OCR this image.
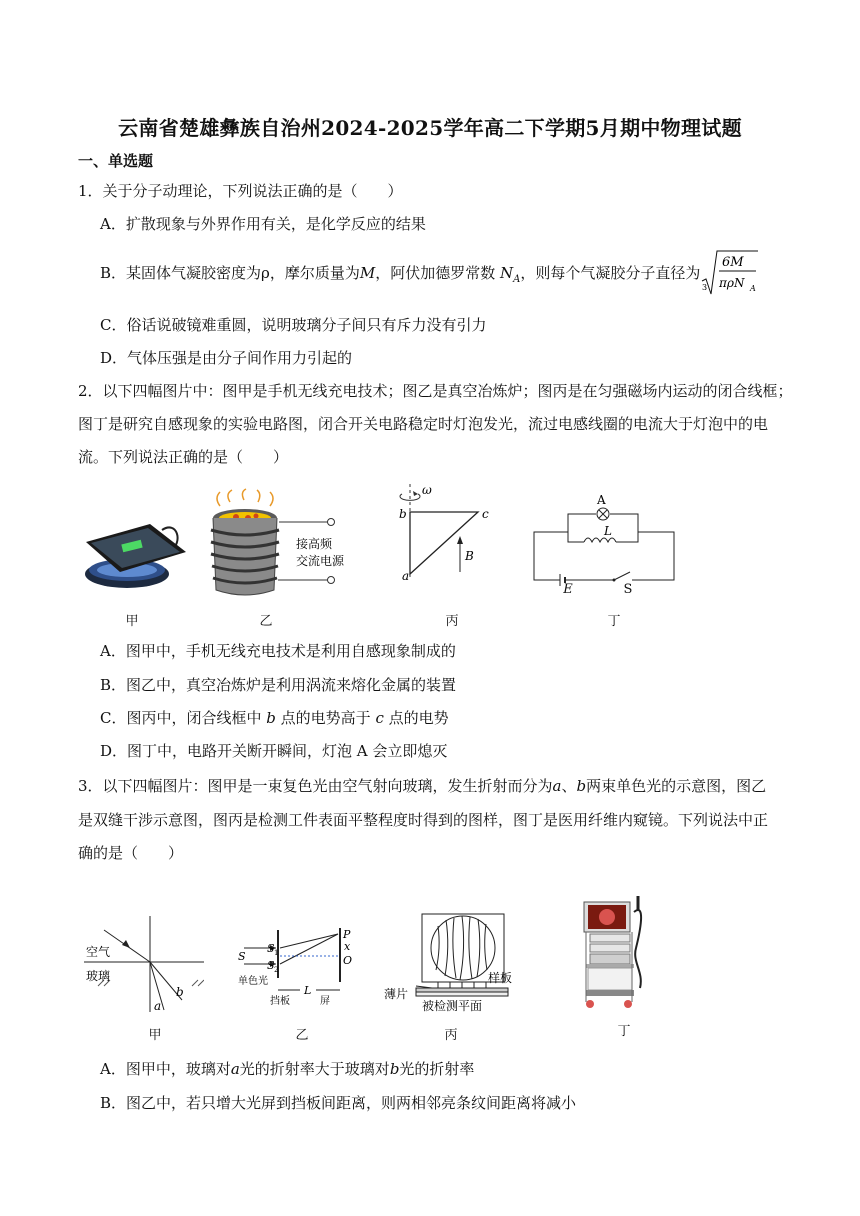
云南省楚雄彝族自治州2024-2025学年高二下学期5月期中物理试题
一、单选题
1．关于分子动理论，下列说法正确的是（　　）
A．扩散现象与外界作用有关，是化学反应的结果
B．某固体气凝胶密度为ρ，摩尔质量为M，阿伏加德罗常数 $N_A$，则每个气凝胶分子直径为
3
6M
πρN A
C．俗话说破镜难重圆，说明玻璃分子间只有斥力没有引力
D．气体压强是由分子间作用力引起的
2．以下四幅图片中：图甲是手机无线充电技术；图乙是真空冶炼炉；图丙是在匀强磁场内运动的闭合线框；
图丁是研究自感现象的实验电路图，闭合开关电路稳定时灯泡发光，流过电感线圈的电流大于灯泡中的电
流。下列说法正确的是（　　）
甲
接高频
交流电源
乙
ω
b	c
a
B
丙
A
L
E	S
丁
A．图甲中，手机无线充电技术是利用自感现象制成的
B．图乙中，真空冶炼炉是利用涡流来熔化金属的装置
C．图丙中，闭合线框中 b 点的电势高于 c 点的电势
D．图丁中，电路开关断开瞬间，灯泡 A 会立即熄灭
3．以下四幅图片：图甲是一束复色光由空气射向玻璃，发生折射而分为a、b两束单色光的示意图，图乙
是双缝干涉示意图，图丙是检测工件表面平整程度时得到的图样，图丁是医用纤维内窥镜。下列说法中正
确的是（　　）
空气
玻璃
a
b
甲
S 1
S 2
S
单色光
L
挡板	屏
P
x
O
乙
薄片
样板
被检测平面
丙	丁
A．图甲中，玻璃对a光的折射率大于玻璃对b光的折射率
B．图乙中，若只增大光屏到挡板间距离，则两相邻亮条纹间距离将减小
